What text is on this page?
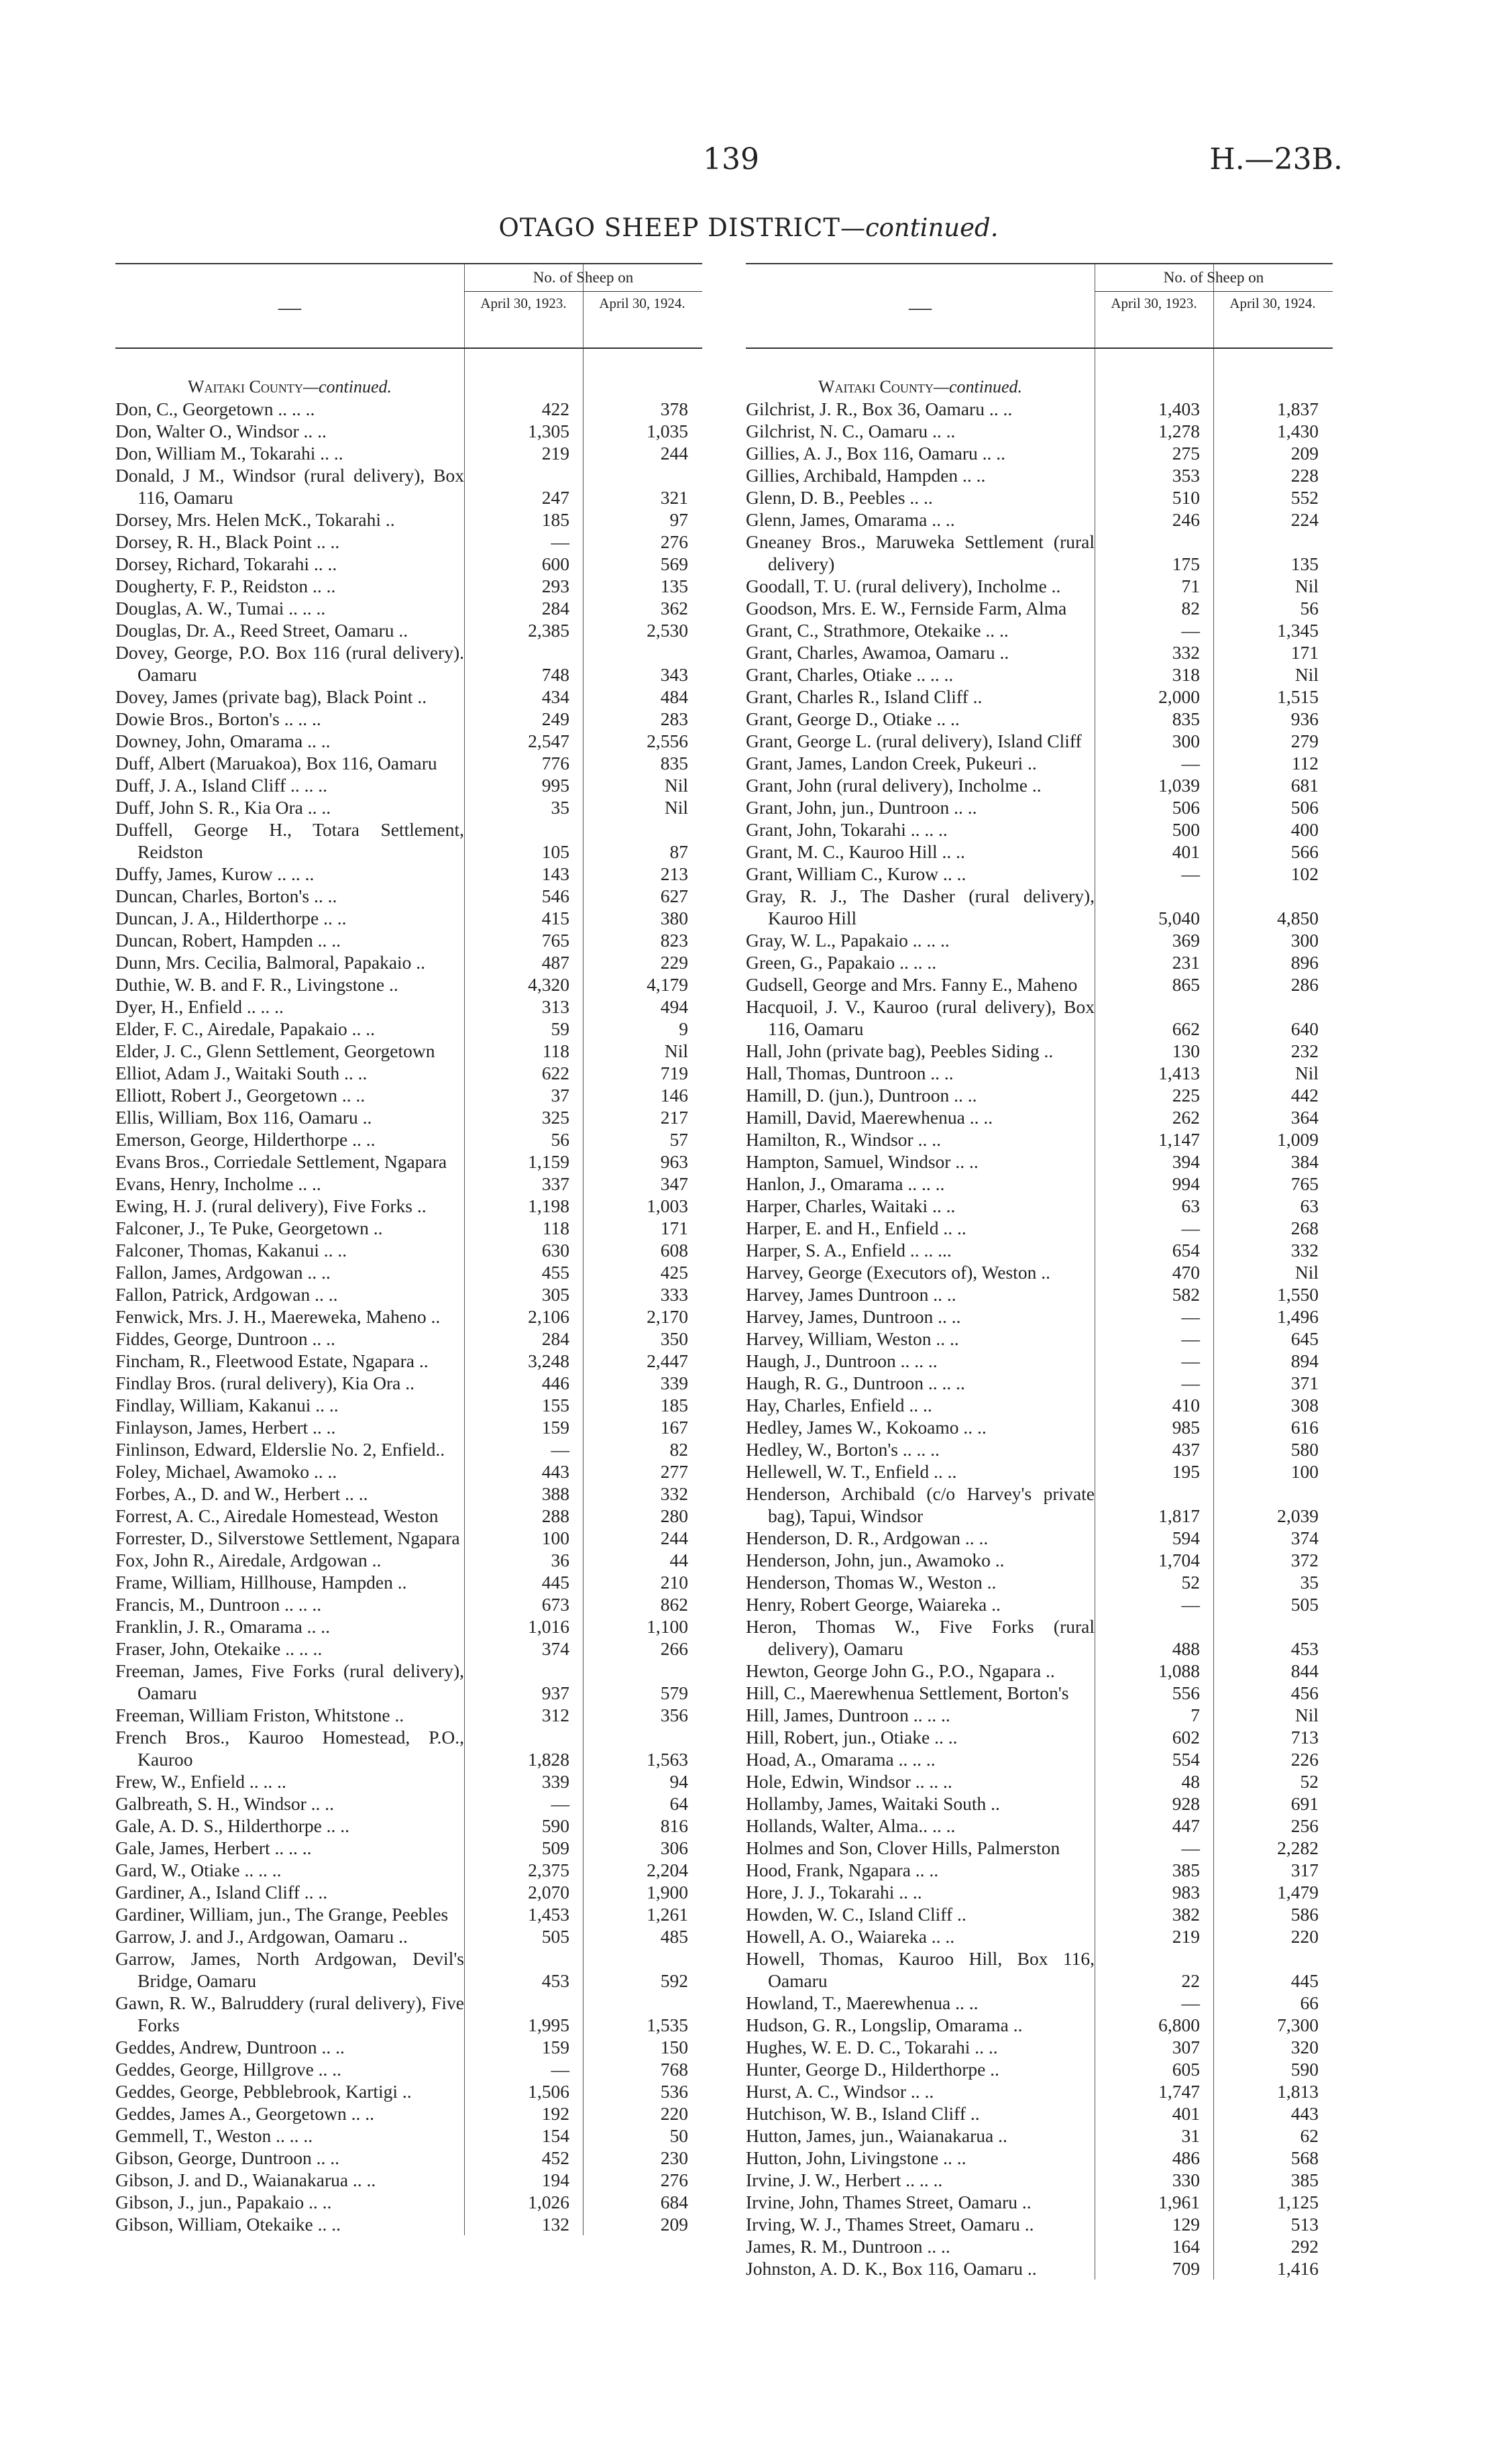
139	H.—23B.
OTAGO SHEEP DISTRICT—continued.
—
No. of Sheep on
April 30, 1923.	April 30, 1924.
Waitaki County—continued.
Don, C., Georgetown .. .. ..	422	378
Don, Walter O., Windsor .. ..	1,305	1,035
Don, William M., Tokarahi .. ..	219	244
Donald, J M., Windsor (rural delivery), Box 116, Oamaru	247	321
Dorsey, Mrs. Helen McK., Tokarahi ..	185	97
Dorsey, R. H., Black Point .. ..	—	276
Dorsey, Richard, Tokarahi .. ..	600	569
Dougherty, F. P., Reidston .. ..	293	135
Douglas, A. W., Tumai .. .. ..	284	362
Douglas, Dr. A., Reed Street, Oamaru ..	2,385	2,530
Dovey, George, P.O. Box 116 (rural delivery). Oamaru	748	343
Dovey, James (private bag), Black Point ..	434	484
Dowie Bros., Borton's .. .. ..	249	283
Downey, John, Omarama .. ..	2,547	2,556
Duff, Albert (Maruakoa), Box 116, Oamaru	776	835
Duff, J. A., Island Cliff .. .. ..	995	Nil
Duff, John S. R., Kia Ora .. ..	35	Nil
Duffell, George H., Totara Settlement, Reidston	105	87
Duffy, James, Kurow .. .. ..	143	213
Duncan, Charles, Borton's .. ..	546	627
Duncan, J. A., Hilderthorpe .. ..	415	380
Duncan, Robert, Hampden .. ..	765	823
Dunn, Mrs. Cecilia, Balmoral, Papakaio ..	487	229
Duthie, W. B. and F. R., Livingstone ..	4,320	4,179
Dyer, H., Enfield .. .. ..	313	494
Elder, F. C., Airedale, Papakaio .. ..	59	9
Elder, J. C., Glenn Settlement, Georgetown	118	Nil
Elliot, Adam J., Waitaki South .. ..	622	719
Elliott, Robert J., Georgetown .. ..	37	146
Ellis, William, Box 116, Oamaru ..	325	217
Emerson, George, Hilderthorpe .. ..	56	57
Evans Bros., Corriedale Settlement, Ngapara	1,159	963
Evans, Henry, Incholme .. ..	337	347
Ewing, H. J. (rural delivery), Five Forks ..	1,198	1,003
Falconer, J., Te Puke, Georgetown ..	118	171
Falconer, Thomas, Kakanui .. ..	630	608
Fallon, James, Ardgowan .. ..	455	425
Fallon, Patrick, Ardgowan .. ..	305	333
Fenwick, Mrs. J. H., Maereweka, Maheno ..	2,106	2,170
Fiddes, George, Duntroon .. ..	284	350
Fincham, R., Fleetwood Estate, Ngapara ..	3,248	2,447
Findlay Bros. (rural delivery), Kia Ora ..	446	339
Findlay, William, Kakanui .. ..	155	185
Finlayson, James, Herbert .. ..	159	167
Finlinson, Edward, Elderslie No. 2, Enfield..	—	82
Foley, Michael, Awamoko .. ..	443	277
Forbes, A., D. and W., Herbert .. ..	388	332
Forrest, A. C., Airedale Homestead, Weston	288	280
Forrester, D., Silverstowe Settlement, Ngapara	100	244
Fox, John R., Airedale, Ardgowan ..	36	44
Frame, William, Hillhouse, Hampden ..	445	210
Francis, M., Duntroon .. .. ..	673	862
Franklin, J. R., Omarama .. ..	1,016	1,100
Fraser, John, Otekaike .. .. ..	374	266
Freeman, James, Five Forks (rural delivery), Oamaru	937	579
Freeman, William Friston, Whitstone ..	312	356
French Bros., Kauroo Homestead, P.O., Kauroo	1,828	1,563
Frew, W., Enfield .. .. ..	339	94
Galbreath, S. H., Windsor .. ..	—	64
Gale, A. D. S., Hilderthorpe .. ..	590	816
Gale, James, Herbert .. .. ..	509	306
Gard, W., Otiake .. .. ..	2,375	2,204
Gardiner, A., Island Cliff .. ..	2,070	1,900
Gardiner, William, jun., The Grange, Peebles	1,453	1,261
Garrow, J. and J., Ardgowan, Oamaru ..	505	485
Garrow, James, North Ardgowan, Devil's Bridge, Oamaru	453	592
Gawn, R. W., Balruddery (rural delivery), Five Forks	1,995	1,535
Geddes, Andrew, Duntroon .. ..	159	150
Geddes, George, Hillgrove .. ..	—	768
Geddes, George, Pebblebrook, Kartigi ..	1,506	536
Geddes, James A., Georgetown .. ..	192	220
Gemmell, T., Weston .. .. ..	154	50
Gibson, George, Duntroon .. ..	452	230
Gibson, J. and D., Waianakarua .. ..	194	276
Gibson, J., jun., Papakaio .. ..	1,026	684
Gibson, William, Otekaike .. ..	132	209
—
No. of Sheep on
April 30, 1923.	April 30, 1924.
Waitaki County—continued.
Gilchrist, J. R., Box 36, Oamaru .. ..	1,403	1,837
Gilchrist, N. C., Oamaru .. ..	1,278	1,430
Gillies, A. J., Box 116, Oamaru .. ..	275	209
Gillies, Archibald, Hampden .. ..	353	228
Glenn, D. B., Peebles .. ..	510	552
Glenn, James, Omarama .. ..	246	224
Gneaney Bros., Maruweka Settlement (rural delivery)	175	135
Goodall, T. U. (rural delivery), Incholme ..	71	Nil
Goodson, Mrs. E. W., Fernside Farm, Alma	82	56
Grant, C., Strathmore, Otekaike .. ..	—	1,345
Grant, Charles, Awamoa, Oamaru ..	332	171
Grant, Charles, Otiake .. .. ..	318	Nil
Grant, Charles R., Island Cliff ..	2,000	1,515
Grant, George D., Otiake .. ..	835	936
Grant, George L. (rural delivery), Island Cliff	300	279
Grant, James, Landon Creek, Pukeuri ..	—	112
Grant, John (rural delivery), Incholme ..	1,039	681
Grant, John, jun., Duntroon .. ..	506	506
Grant, John, Tokarahi .. .. ..	500	400
Grant, M. C., Kauroo Hill .. ..	401	566
Grant, William C., Kurow .. ..	—	102
Gray, R. J., The Dasher (rural delivery), Kauroo Hill	5,040	4,850
Gray, W. L., Papakaio .. .. ..	369	300
Green, G., Papakaio .. .. ..	231	896
Gudsell, George and Mrs. Fanny E., Maheno	865	286
Hacquoil, J. V., Kauroo (rural delivery), Box 116, Oamaru	662	640
Hall, John (private bag), Peebles Siding ..	130	232
Hall, Thomas, Duntroon .. ..	1,413	Nil
Hamill, D. (jun.), Duntroon .. ..	225	442
Hamill, David, Maerewhenua .. ..	262	364
Hamilton, R., Windsor .. ..	1,147	1,009
Hampton, Samuel, Windsor .. ..	394	384
Hanlon, J., Omarama .. .. ..	994	765
Harper, Charles, Waitaki .. ..	63	63
Harper, E. and H., Enfield .. ..	—	268
Harper, S. A., Enfield .. .. ...	654	332
Harvey, George (Executors of), Weston ..	470	Nil
Harvey, James Duntroon .. ..	582	1,550
Harvey, James, Duntroon .. ..	—	1,496
Harvey, William, Weston .. ..	—	645
Haugh, J., Duntroon .. .. ..	—	894
Haugh, R. G., Duntroon .. .. ..	—	371
Hay, Charles, Enfield .. ..	410	308
Hedley, James W., Kokoamo .. ..	985	616
Hedley, W., Borton's .. .. ..	437	580
Hellewell, W. T., Enfield .. ..	195	100
Henderson, Archibald (c/o Harvey's private bag), Tapui, Windsor	1,817	2,039
Henderson, D. R., Ardgowan .. ..	594	374
Henderson, John, jun., Awamoko ..	1,704	372
Henderson, Thomas W., Weston ..	52	35
Henry, Robert George, Waiareka ..	—	505
Heron, Thomas W., Five Forks (rural delivery), Oamaru	488	453
Hewton, George John G., P.O., Ngapara ..	1,088	844
Hill, C., Maerewhenua Settlement, Borton's	556	456
Hill, James, Duntroon .. .. ..	7	Nil
Hill, Robert, jun., Otiake .. ..	602	713
Hoad, A., Omarama .. .. ..	554	226
Hole, Edwin, Windsor .. .. ..	48	52
Hollamby, James, Waitaki South ..	928	691
Hollands, Walter, Alma.. .. ..	447	256
Holmes and Son, Clover Hills, Palmerston	—	2,282
Hood, Frank, Ngapara .. ..	385	317
Hore, J. J., Tokarahi .. ..	983	1,479
Howden, W. C., Island Cliff ..	382	586
Howell, A. O., Waiareka .. ..	219	220
Howell, Thomas, Kauroo Hill, Box 116, Oamaru	22	445
Howland, T., Maerewhenua .. ..	—	66
Hudson, G. R., Longslip, Omarama ..	6,800	7,300
Hughes, W. E. D. C., Tokarahi .. ..	307	320
Hunter, George D., Hilderthorpe ..	605	590
Hurst, A. C., Windsor .. ..	1,747	1,813
Hutchison, W. B., Island Cliff ..	401	443
Hutton, James, jun., Waianakarua ..	31	62
Hutton, John, Livingstone .. ..	486	568
Irvine, J. W., Herbert .. .. ..	330	385
Irvine, John, Thames Street, Oamaru ..	1,961	1,125
Irving, W. J., Thames Street, Oamaru ..	129	513
James, R. M., Duntroon .. ..	164	292
Johnston, A. D. K., Box 116, Oamaru ..	709	1,416
